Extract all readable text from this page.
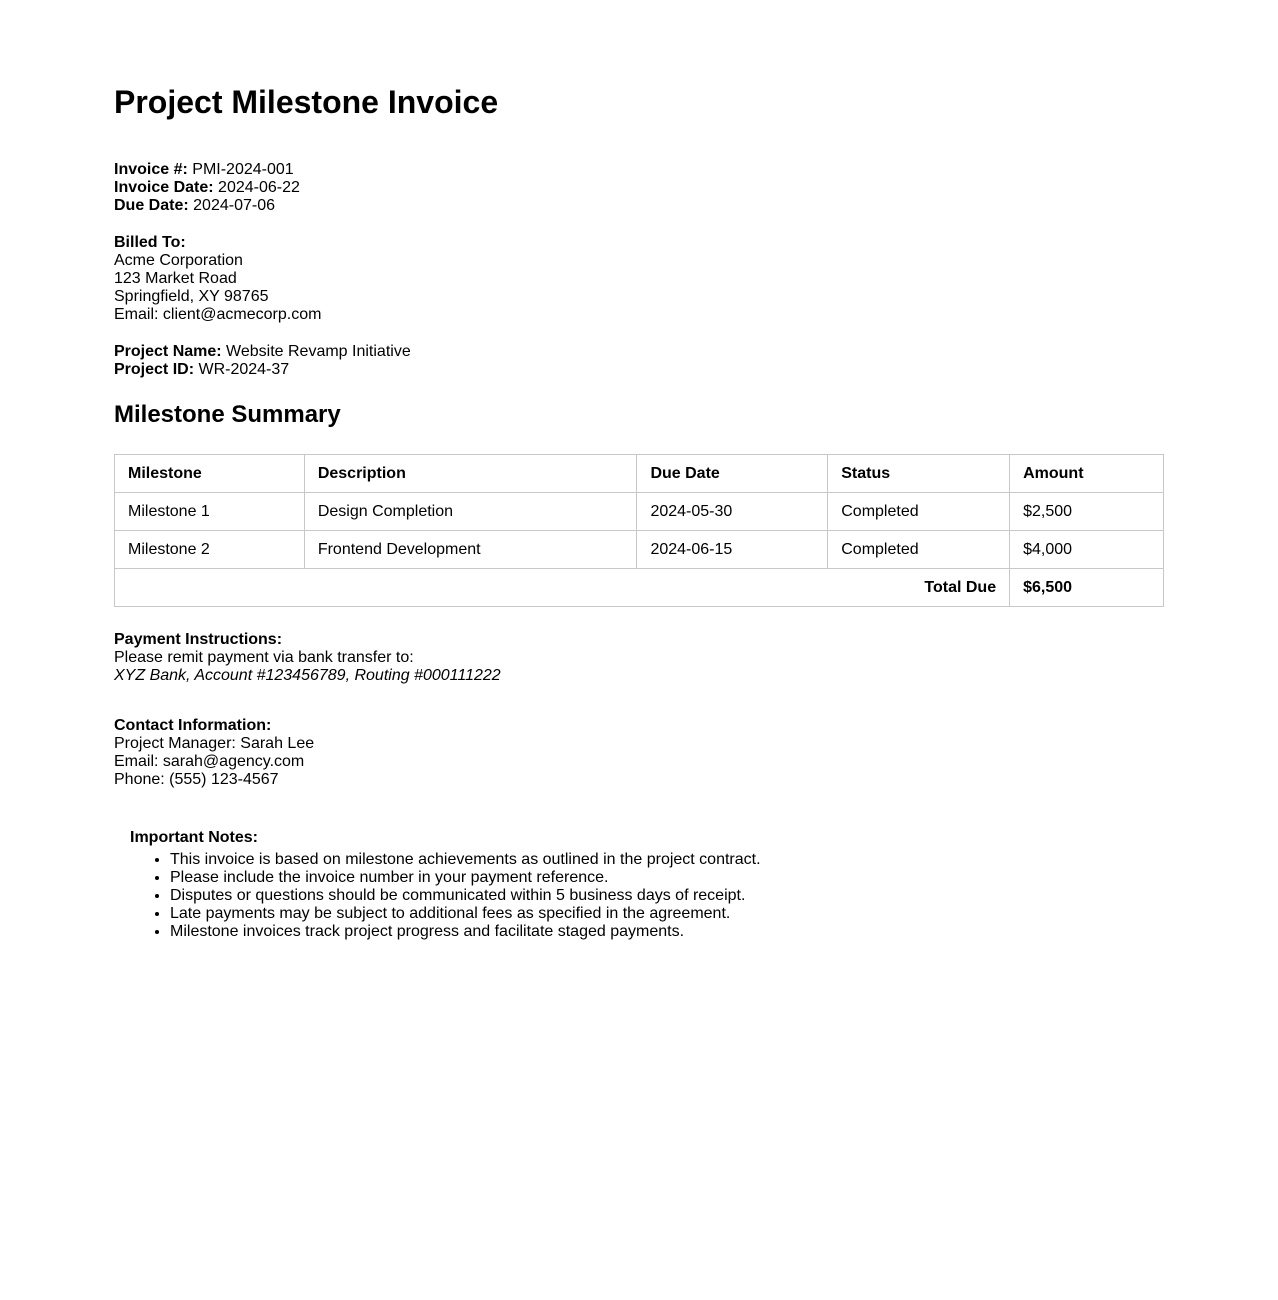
Project Milestone Invoice
Invoice #: PMI-2024-001
Invoice Date: 2024-06-22
Due Date: 2024-07-06
Billed To:
Acme Corporation
123 Market Road
Springfield, XY 98765
Email: client@acmecorp.com
Project Name: Website Revamp Initiative
Project ID: WR-2024-37
Milestone Summary
Milestone	Description	Due Date	Status	Amount
Milestone 1	Design Completion	2024-05-30	Completed	$2,500
Milestone 2	Frontend Development	2024-06-15	Completed	$4,000
Total Due				$6,500
Payment Instructions:
Please remit payment via bank transfer to:
XYZ Bank, Account #123456789, Routing #000111222
Contact Information:
Project Manager: Sarah Lee
Email: sarah@agency.com
Phone: (555) 123-4567
Important Notes:
• This invoice is based on milestone achievements as outlined in the project contract.
• Please include the invoice number in your payment reference.
• Disputes or questions should be communicated within 5 business days of receipt.
• Late payments may be subject to additional fees as specified in the agreement.
• Milestone invoices track project progress and facilitate staged payments.
